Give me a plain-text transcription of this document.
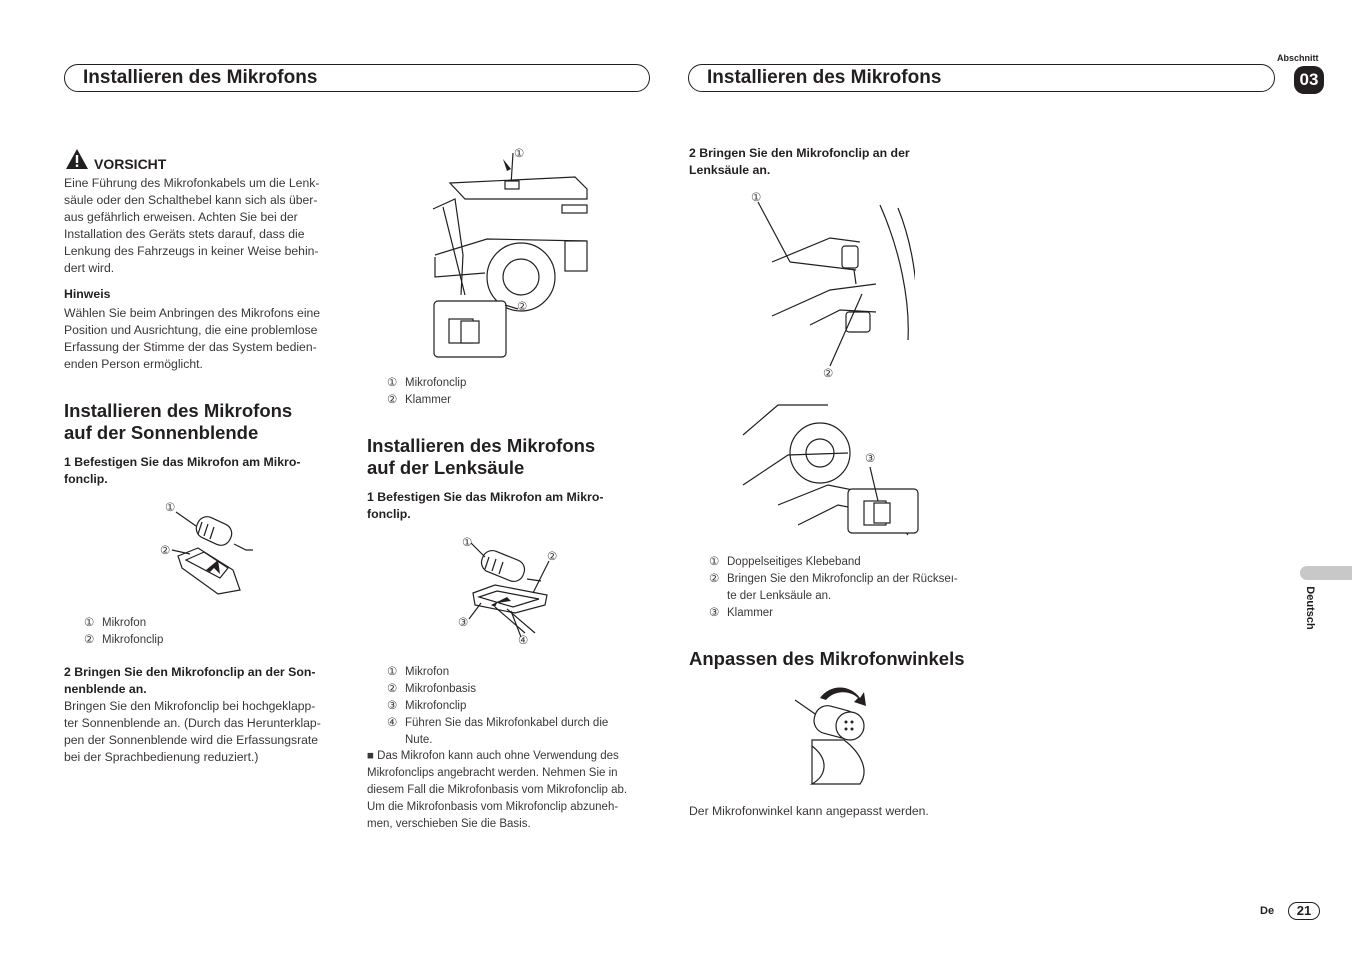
Installieren des Mikrofons	Installieren des Mikrofons
Abschnitt
03
Deutsch
VORSICHT
Eine Führung des Mikrofonkabels um die Lenk-
säule oder den Schalthebel kann sich als über-
aus gefährlich erweisen. Achten Sie bei der
Installation des Geräts stets darauf, dass die
Lenkung des Fahrzeugs in keiner Weise behin-
dert wird.
Hinweis
Wählen Sie beim Anbringen des Mikrofons eine
Position und Ausrichtung, die eine problemlose
Erfassung der Stimme der das System bedien-
enden Person ermöglicht.
Installieren des Mikrofons
auf der Sonnenblende
1 Befestigen Sie das Mikrofon am Mikro-
fonclip.
①
②
① Mikrofon
② Mikrofonclip
2 Bringen Sie den Mikrofonclip an der Son-
nenblende an.
Bringen Sie den Mikrofonclip bei hochgeklapp-
ter Sonnenblende an. (Durch das Herunterklap-
pen der Sonnenblende wird die Erfassungsrate
bei der Sprachbedienung reduziert.)
①
②
① Mikrofonclip
② Klammer
Installieren des Mikrofons
auf der Lenksäule
1 Befestigen Sie das Mikrofon am Mikro-
fonclip.
①
②
③
④
① Mikrofon
② Mikrofonbasis
③ Mikrofonclip
④ Führen Sie das Mikrofonkabel durch die
Nute.
■ Das Mikrofon kann auch ohne Verwendung des
Mikrofonclips angebracht werden. Nehmen Sie in
diesem Fall die Mikrofonbasis vom Mikrofonclip ab.
Um die Mikrofonbasis vom Mikrofonclip abzuneh-
men, verschieben Sie die Basis.
2 Bringen Sie den Mikrofonclip an der
Lenksäule an.
①
②
③
① Doppelseitiges Klebeband
② Bringen Sie den Mikrofonclip an der Rückseı-
te der Lenksäule an.
③ Klammer
Anpassen des Mikrofonwinkels
Der Mikrofonwinkel kann angepasst werden.
De	21
